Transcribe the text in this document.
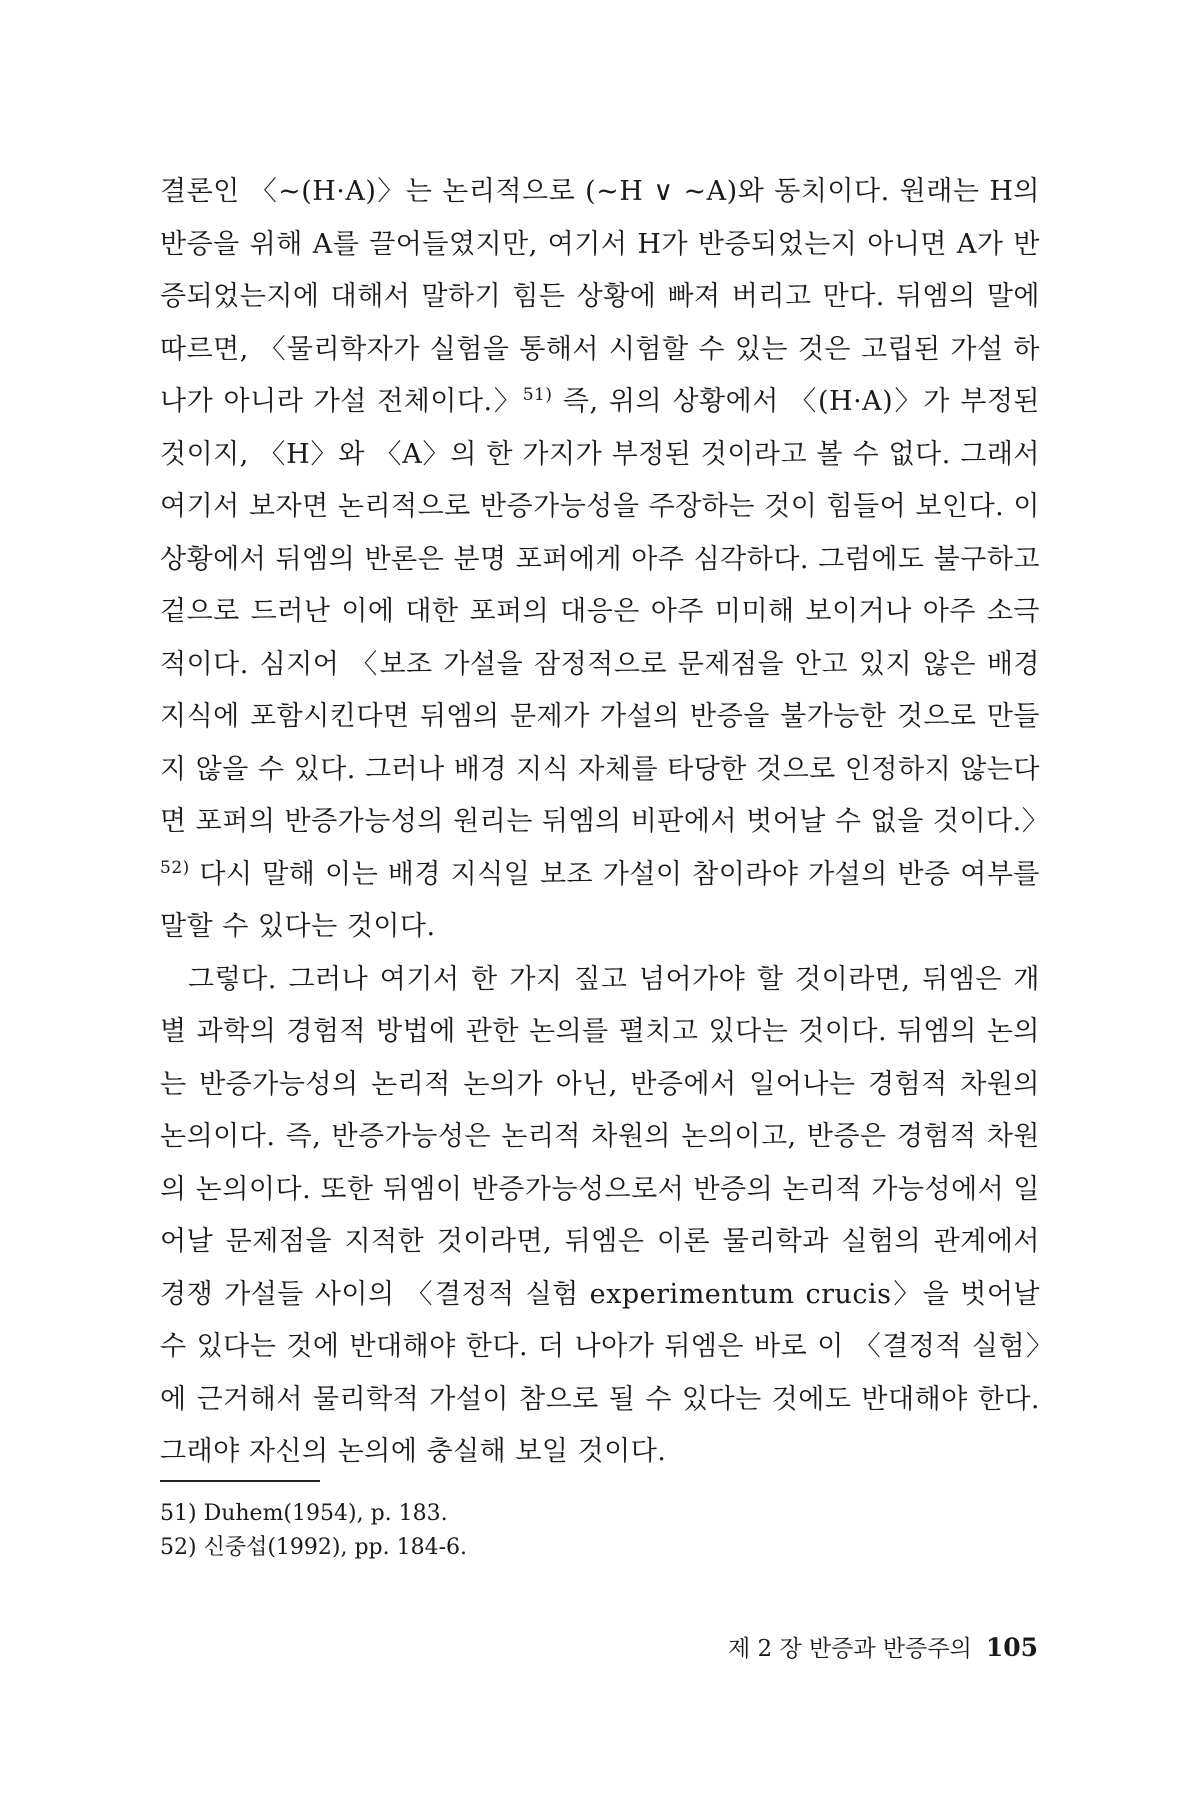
결론인 〈~(H·A)〉는 논리적으로 (~H ∨ ~A)와 동치이다. 원래는 H의 반증을 위해 A를 끌어들였지만, 여기서 H가 반증되었는지 아니면 A가 반증되었는지에 대해서 말하기 힘든 상황에 빠져 버리고 만다. 뒤엠의 말에 따르면, 〈물리학자가 실험을 통해서 시험할 수 있는 것은 고립된 가설 하나가 아니라 가설 전체이다.〉$^{51)}$ 즉, 위의 상황에서 〈(H·A)〉가 부정된 것이지, 〈H〉와 〈A〉의 한 가지가 부정된 것이라고 볼 수 없다. 그래서 여기서 보자면 논리적으로 반증가능성을 주장하는 것이 힘들어 보인다. 이 상황에서 뒤엠의 반론은 분명 포퍼에게 아주 심각하다. 그럼에도 불구하고 겉으로 드러난 이에 대한 포퍼의 대응은 아주 미미해 보이거나 아주 소극적이다. 심지어 〈보조 가설을 잠정적으로 문제점을 안고 있지 않은 배경 지식에 포함시킨다면 뒤엠의 문제가 가설의 반증을 불가능한 것으로 만들지 않을 수 있다. 그러나 배경 지식 자체를 타당한 것으로 인정하지 않는다면 포퍼의 반증가능성의 원리는 뒤엠의 비판에서 벗어날 수 없을 것이다.〉$^{52)}$ 다시 말해 이는 배경 지식일 보조 가설이 참이라야 가설의 반증 여부를 말할 수 있다는 것이다.

그렇다. 그러나 여기서 한 가지 짚고 넘어가야 할 것이라면, 뒤엠은 개별 과학의 경험적 방법에 관한 논의를 펼치고 있다는 것이다. 뒤엠의 논의는 반증가능성의 논리적 논의가 아닌, 반증에서 일어나는 경험적 차원의 논의이다. 즉, 반증가능성은 논리적 차원의 논의이고, 반증은 경험적 차원의 논의이다. 또한 뒤엠이 반증가능성으로서 반증의 논리적 가능성에서 일어날 문제점을 지적한 것이라면, 뒤엠은 이론 물리학과 실험의 관계에서 경쟁 가설들 사이의 〈결정적 실험 experimentum crucis〉을 벗어날 수 있다는 것에 반대해야 한다. 더 나아가 뒤엠은 바로 이 〈결정적 실험〉에 근거해서 물리학적 가설이 참으로 될 수 있다는 것에도 반대해야 한다. 그래야 자신의 논의에 충실해 보일 것이다.

51) Duhem(1954), p. 183.
52) 신중섭(1992), pp. 184-6.
제 2 장 반증과 반증주의 105
